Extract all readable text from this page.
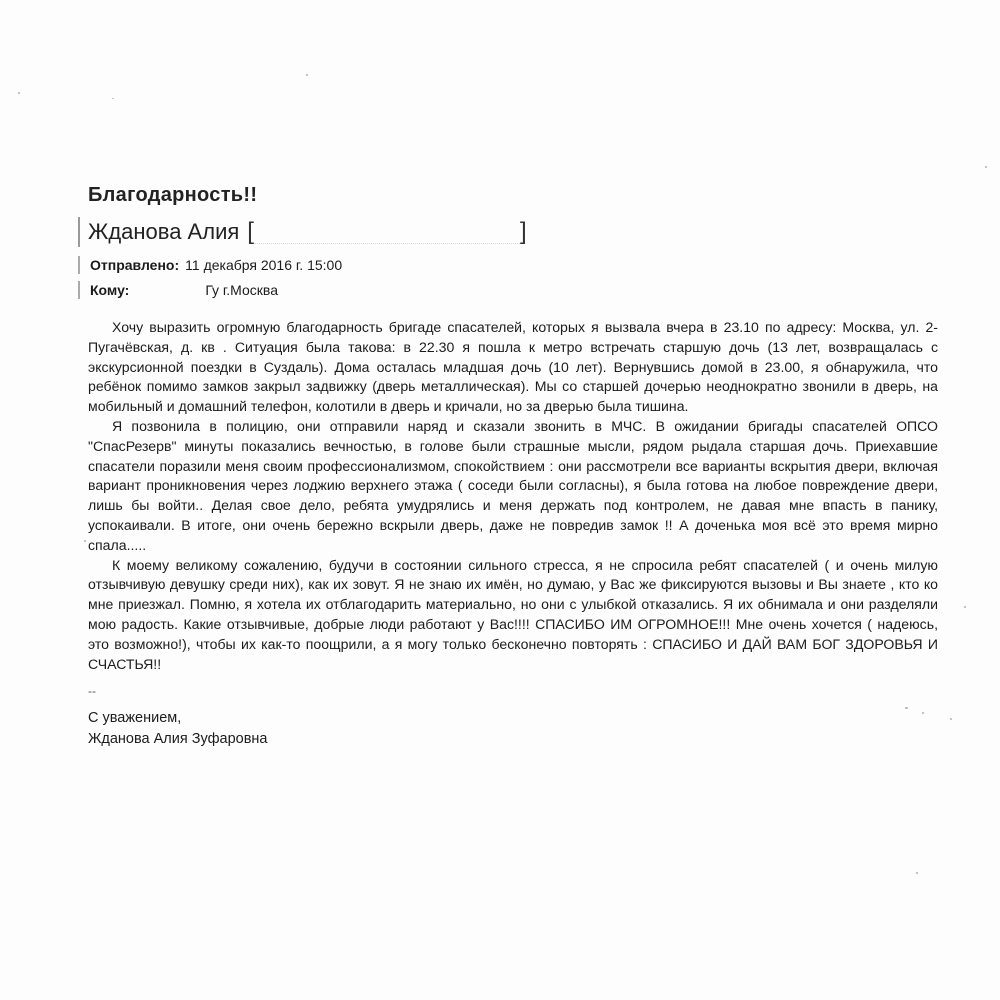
Благодарность!!
Жданова Алия [	]
Отправлено: 11 декабря 2016 г. 15:00
Кому:	Гу г.Москва

Хочу выразить огромную благодарность бригаде спасателей, которых я вызвала вчера в 23.10 по адресу: Москва, ул. 2- Пугачёвская, д. кв . Ситуация была такова: в 22.30 я пошла к метро встречать старшую дочь (13 лет, возвращалась с экскурсионной поездки в Суздаль). Дома осталась младшая дочь (10 лет). Вернувшись домой в 23.00, я обнаружила, что ребёнок помимо замков закрыл задвижку (дверь металлическая). Мы со старшей дочерью неоднократно звонили в дверь, на мобильный и домашний телефон, колотили в дверь и кричали, но за дверью была тишина.

Я позвонила в полицию, они отправили наряд и сказали звонить в МЧС. В ожидании бригады спасателей ОПСО "СпасРезерв" минуты показались вечностью, в голове были страшные мысли, рядом рыдала старшая дочь. Приехавшие спасатели поразили меня своим профессионализмом, спокойствием : они рассмотрели все варианты вскрытия двери, включая вариант проникновения через лоджию верхнего этажа ( соседи были согласны), я была готова на любое повреждение двери, лишь бы войти.. Делая свое дело, ребята умудрялись и меня держать под контролем, не давая мне впасть в панику, успокаивали. В итоге, они очень бережно вскрыли дверь, даже не повредив замок !! А доченька моя всё это время мирно спала.....

К моему великому сожалению, будучи в состоянии сильного стресса, я не спросила ребят спасателей ( и очень милую отзывчивую девушку среди них), как их зовут. Я не знаю их имён, но думаю, у Вас же фиксируются вызовы и Вы знаете , кто ко мне приезжал. Помню, я хотела их отблагодарить материально, но они с улыбкой отказались. Я их обнимала и они разделяли мою радость. Какие отзывчивые, добрые люди работают у Вас!!!! СПАСИБО ИМ ОГРОМНОЕ!!! Мне очень хочется ( надеюсь, это возможно!), чтобы их как-то поощрили, а я могу только бесконечно повторять : СПАСИБО И ДАЙ ВАМ БОГ ЗДОРОВЬЯ И СЧАСТЬЯ!!

--
С уважением,
Жданова Алия Зуфаровна
